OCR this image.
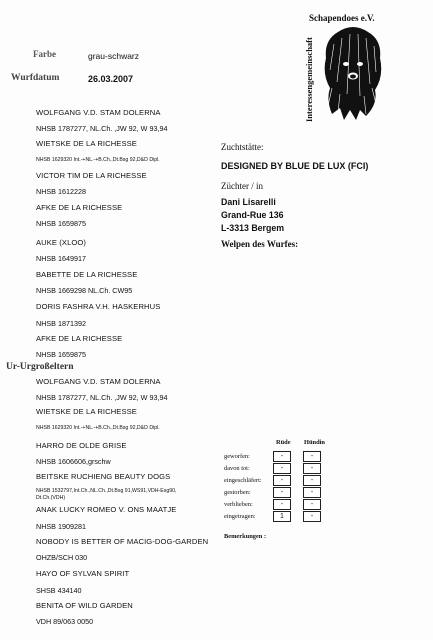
Farbe	grau-schwarz
Wurfdatum	26.03.2007
Schapendoes e.V.
Interessengemeinschaft
WOLFGANG V.D. STAM DOLERNA
NHSB 1787277, NL.Ch. ,JW 92, W 93,94
WIETSKE DE LA RICHESSE
NHSB 1629320 Int.-+NL.-+B.Ch.,Dt.Bsg 92,D&D Dipl.
VICTOR TIM DE LA RICHESSE
NHSB 1612228
AFKE DE LA RICHESSE
NHSB 1659875
AUKE (XLOO)
NHSB 1649917
BABETTE DE LA RICHESSE
NHSB 1669298 NL.Ch. CW95
DORIS FASHRA V.H. HASKERHUS
NHSB 1871392
AFKE DE LA RICHESSE
NHSB 1659875
Ur-Urgroßeltern
WOLFGANG V.D. STAM DOLERNA
NHSB 1787277, NL.Ch. ,JW 92, W 93,94
WIETSKE DE LA RICHESSE
NHSB 1629320 Int.-+NL.-+B.Ch.,Dt.Bsg 92,D&D Dipl.
HARRO DE OLDE GRISE
NHSB 1606606,grschw
BEITSKE RUCHIENG BEAUTY DOGS
NHSB 1532797,Int.Ch.,NL.Ch.,Dt.Bsg 91,WS91,VDH-Esg90,
Dt.Ch.(VDH)
ANAK LUCKY ROMEO V. ONS MAATJE
NHSB 1909281
NOBODY IS BETTER OF MACIG-DOG-GARDEN
OHZB/SCH 030
HAYO OF SYLVAN SPIRIT
SHSB 434140
BENITA OF WILD GARDEN
VDH 89/063 0050
Zuchtstätte:
DESIGNED BY BLUE DE LUX (FCI)
Züchter / in
Dani Lisarelli
Grand-Rue 136
L-3313 Bergem
Welpen des Wurfes:
Rüde Hündin
geworfen:	-	-
davon tot:	-	-
eingeschläfert:	-	-
gestorben:	-	-
verblieben:	-	-
eingetragen:	1	-
Bemerkungen :
